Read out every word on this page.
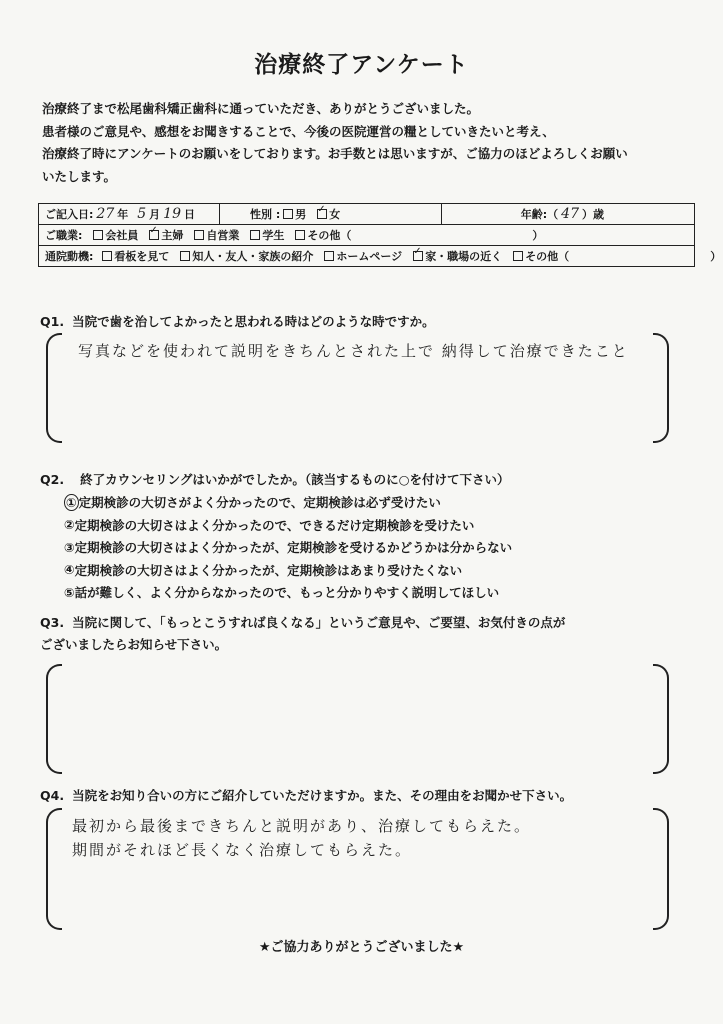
治療終了アンケート
治療終了まで松尾歯科矯正歯科に通っていただき、ありがとうございました。
患者様のご意見や、感想をお聞きすることで、今後の医院運営の糧としていきたいと考え、
治療終了時にアンケートのお願いをしております。お手数とは思いますが、ご協力のほどよろしくお願い
いたします。
ご記入日: 27 年 5 月 19 日	性別 : 男 ✓ 女	年齢:（ 47 ）歳
ご職業: 会社員 ✓ 主婦 自営業 学生 その他（	）
通院動機: 看板を見て 知人・友人・家族の紹介 ホームページ ✓ 家・職場の近く その他（	）
Q1. 当院で歯を治してよかったと思われる時はどのような時ですか。
写真などを使われて説明をきちんとされた上で 納得して治療できたこと
Q2. 終了カウンセリングはいかがでしたか。（該当するものに○を付けて下さい）
① 定期検診の大切さがよく分かったので、定期検診は必ず受けたい
② 定期検診の大切さはよく分かったので、できるだけ定期検診を受けたい
③ 定期検診の大切さはよく分かったが、定期検診を受けるかどうかは分からない
④ 定期検診の大切さはよく分かったが、定期検診はあまり受けたくない
⑤ 話が難しく、よく分からなかったので、もっと分かりやすく説明してほしい
Q3. 当院に関して、「もっとこうすれば良くなる」というご意見や、ご要望、お気付きの点が
ございましたらお知らせ下さい。
Q4. 当院をお知り合いの方にご紹介していただけますか。また、その理由をお聞かせ下さい。
最初から最後まできちんと説明があり、治療してもらえた。
期間がそれほど長くなく治療してもらえた。
★ご協力ありがとうございました★
